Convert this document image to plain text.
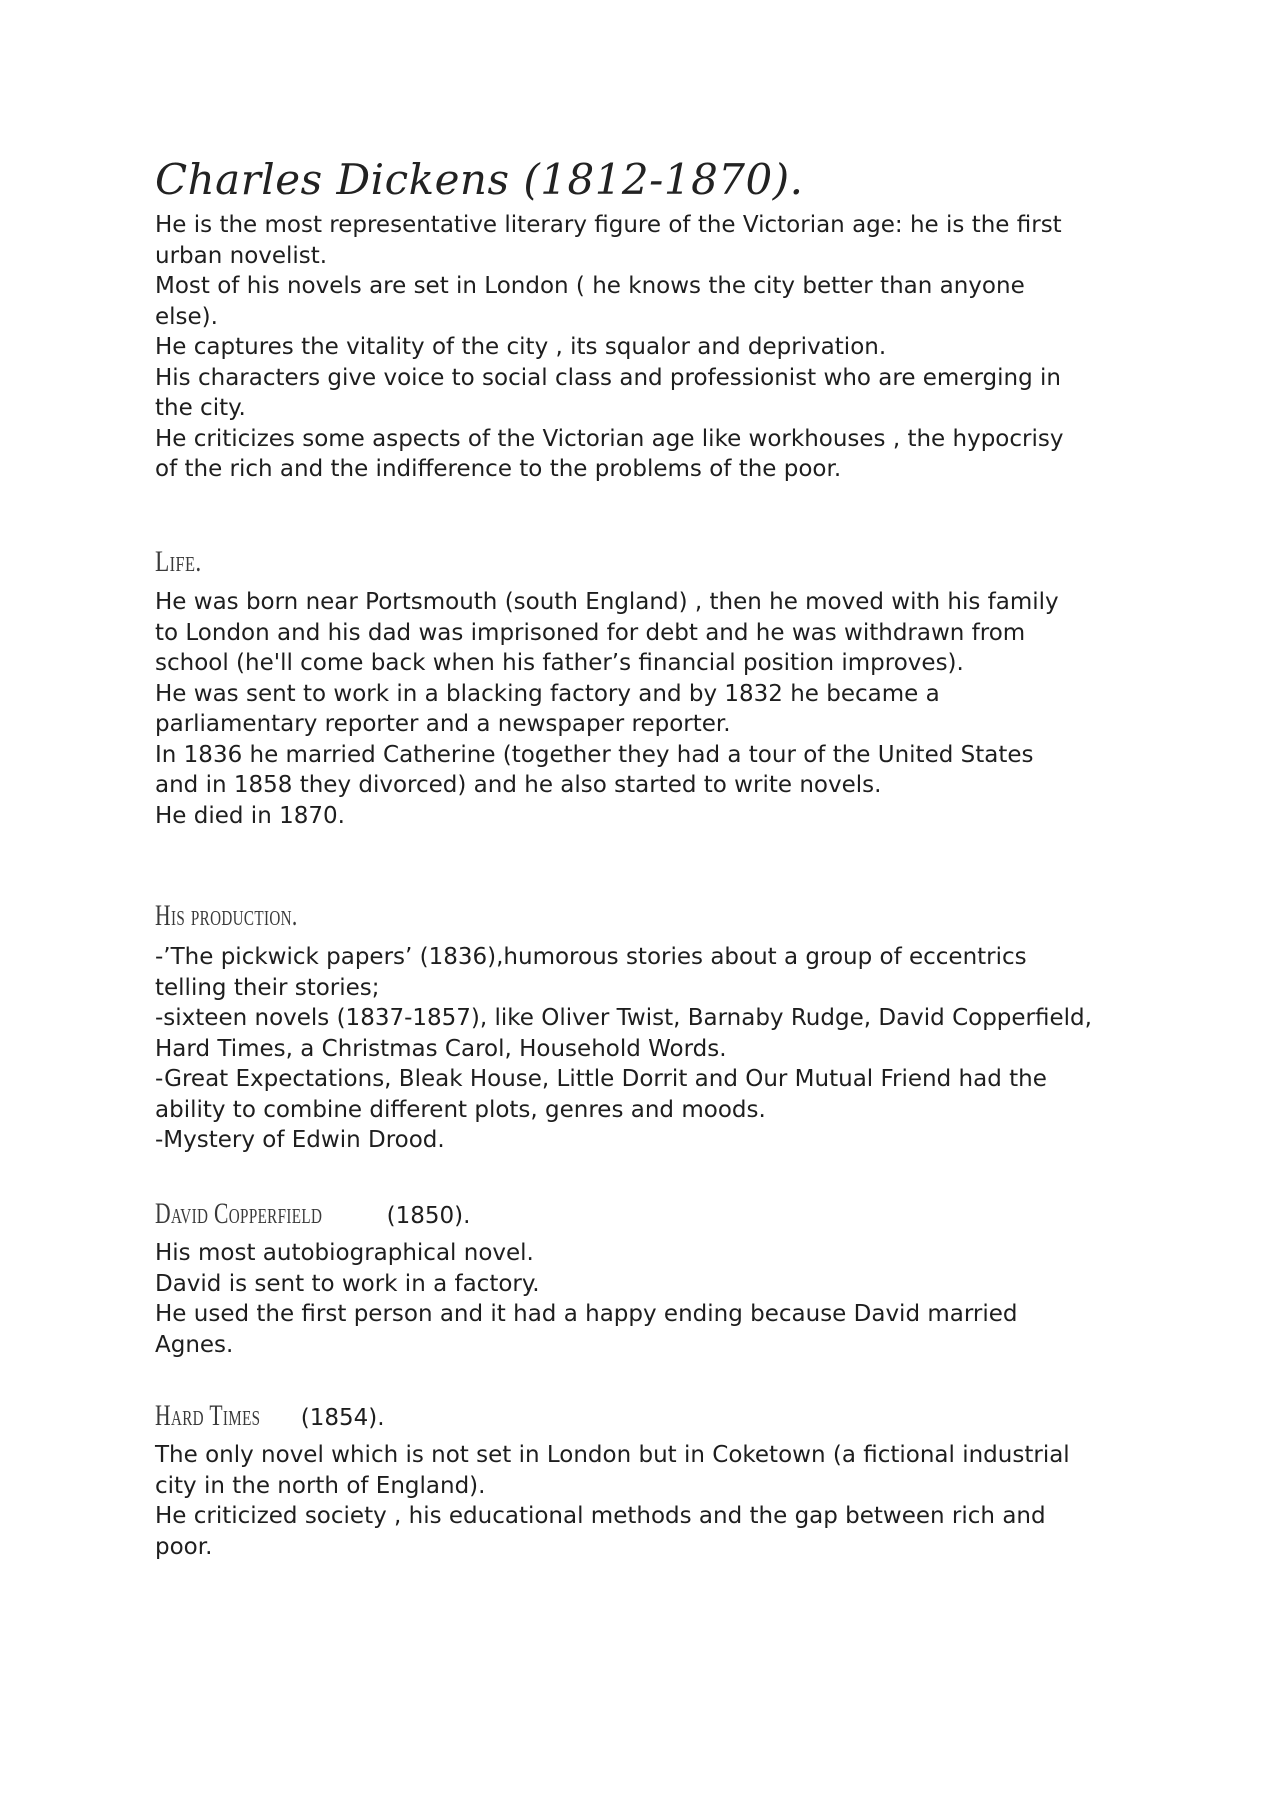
Charles Dickens (1812-1870).
He is the most representative literary figure of the Victorian age: he is the first
urban novelist.
Most of his novels are set in London ( he knows the city better than anyone
else).
He captures the vitality of the city , its squalor and deprivation.
His characters give voice to social class and professionist who are emerging in
the city.
He criticizes some aspects of the Victorian age like workhouses , the hypocrisy
of the rich and the indifference to the problems of the poor.
Life.
He was born near Portsmouth (south England) , then he moved with his family
to London and his dad was imprisoned for debt and he was withdrawn from
school (he'll come back when his father’s financial position improves).
He was sent to work in a blacking factory and by 1832 he became a
parliamentary reporter and a newspaper reporter.
In 1836 he married Catherine (together they had a tour of the United States
and in 1858 they divorced) and he also started to write novels.
He died in 1870.
His production.
-’The pickwick papers’ (1836),humorous stories about a group of eccentrics
telling their stories;
-sixteen novels (1837-1857), like Oliver Twist, Barnaby Rudge, David Copperfield,
Hard Times, a Christmas Carol, Household Words.
-Great Expectations, Bleak House, Little Dorrit and Our Mutual Friend had the
ability to combine different plots, genres and moods.
-Mystery of Edwin Drood.
David Copperfield (1850).
His most autobiographical novel.
David is sent to work in a factory.
He used the first person and it had a happy ending because David married
Agnes.
Hard Times (1854).
The only novel which is not set in London but in Coketown (a fictional industrial
city in the north of England).
He criticized society , his educational methods and the gap between rich and
poor.
